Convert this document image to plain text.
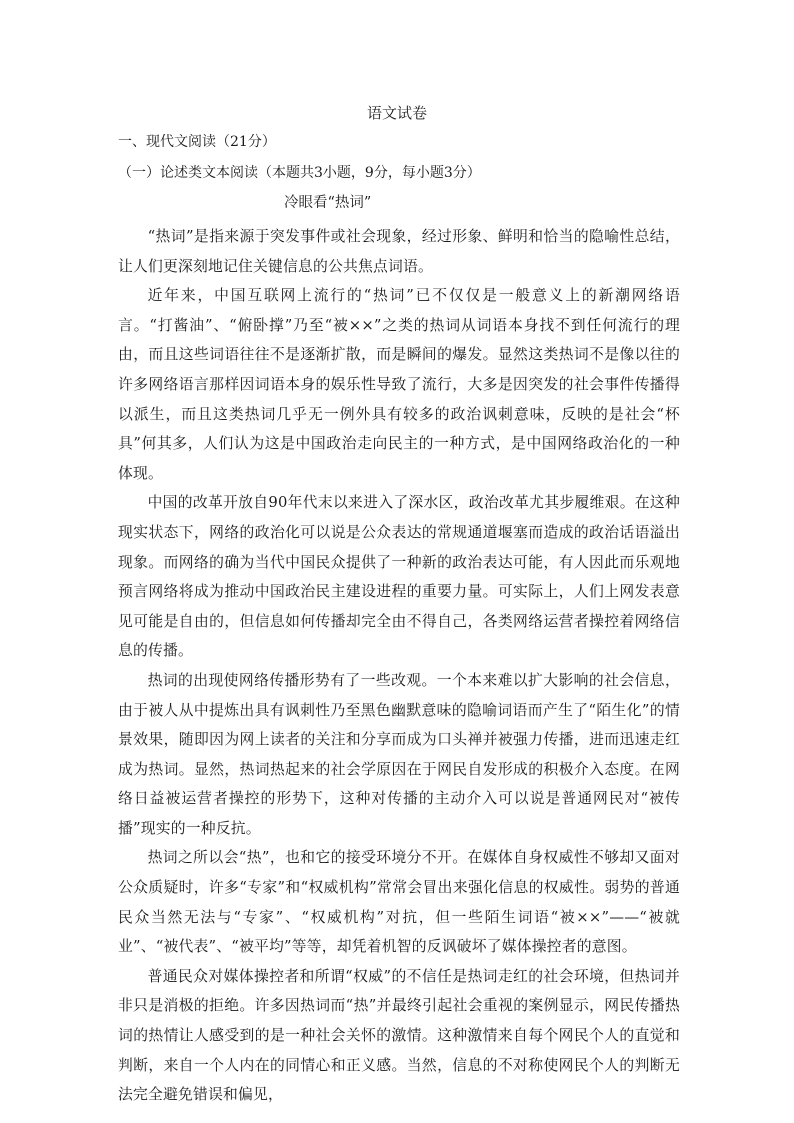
语文试卷
一、现代文阅读（21分）
（一）论述类文本阅读（本题共3小题，9分，每小题3分）
冷眼看“热词”

“热词”是指来源于突发事件或社会现象，经过形象、鲜明和恰当的隐喻性总结，让人们更深刻地记住关键信息的公共焦点词语。

近年来，中国互联网上流行的“热词”已不仅仅是一般意义上的新潮网络语言。“打酱油”、“俯卧撑”乃至“被××”之类的热词从词语本身找不到任何流行的理由，而且这些词语往往不是逐渐扩散，而是瞬间的爆发。显然这类热词不是像以往的许多网络语言那样因词语本身的娱乐性导致了流行，大多是因突发的社会事件传播得以派生，而且这类热词几乎无一例外具有较多的政治讽刺意味，反映的是社会“杯具”何其多，人们认为这是中国政治走向民主的一种方式，是中国网络政治化的一种体现。

中国的改革开放自90年代末以来进入了深水区，政治改革尤其步履维艰。在这种现实状态下，网络的政治化可以说是公众表达的常规通道堰塞而造成的政治话语溢出现象。而网络的确为当代中国民众提供了一种新的政治表达可能，有人因此而乐观地预言网络将成为推动中国政治民主建设进程的重要力量。可实际上，人们上网发表意见可能是自由的，但信息如何传播却完全由不得自己，各类网络运营者操控着网络信息的传播。

热词的出现使网络传播形势有了一些改观。一个本来难以扩大影响的社会信息，由于被人从中提炼出具有讽刺性乃至黑色幽默意味的隐喻词语而产生了“陌生化”的情景效果，随即因为网上读者的关注和分享而成为口头禅并被强力传播，进而迅速走红成为热词。显然，热词热起来的社会学原因在于网民自发形成的积极介入态度。在网络日益被运营者操控的形势下，这种对传播的主动介入可以说是普通网民对“被传播”现实的一种反抗。

热词之所以会“热”，也和它的接受环境分不开。在媒体自身权威性不够却又面对公众质疑时，许多“专家”和“权威机构”常常会冒出来强化信息的权威性。弱势的普通民众当然无法与“专家”、“权威机构”对抗，但一些陌生词语“被××”——“被就业”、“被代表”、“被平均”等等，却凭着机智的反讽破坏了媒体操控者的意图。

普通民众对媒体操控者和所谓“权威”的不信任是热词走红的社会环境，但热词并非只是消极的拒绝。许多因热词而“热”并最终引起社会重视的案例显示，网民传播热词的热情让人感受到的是一种社会关怀的激情。这种激情来自每个网民个人的直觉和判断，来自一个人内在的同情心和正义感。当然，信息的不对称使网民个人的判断无法完全避免错误和偏见，
